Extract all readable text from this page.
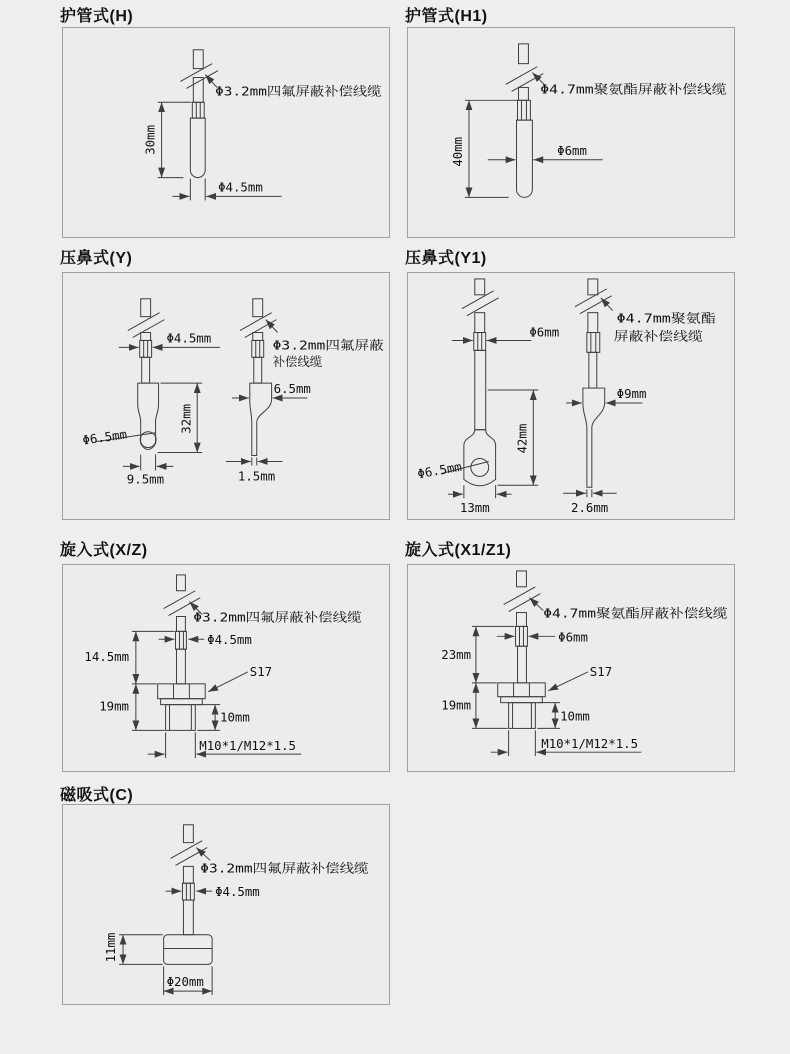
护管式(H)
Φ3.2mm四氟屏蔽补偿线缆
30mm
Φ4.5mm
护管式(H1)
Φ4.7mm聚氨酯屏蔽补偿线缆
40mm	Φ6mm
压鼻式(Y)
Φ4.5mm
32mm
Φ6.5mm
9.5mm
Φ3.2mm四氟屏蔽
补偿线缆
6.5mm
1.5mm
压鼻式(Y1)
Φ6mm
42mm
Φ6.5mm
13mm
Φ4.7mm聚氨酯
屏蔽补偿线缆
Φ9mm
2.6mm
旋入式(X/Z)
Φ3.2mm四氟屏蔽补偿线缆
Φ4.5mm
S17
14.5mm
19mm
10mm
M10*1/M12*1.5
旋入式(X1/Z1)
Φ4.7mm聚氨酯屏蔽补偿线缆
Φ6mm
S17
23mm
19mm
10mm
M10*1/M12*1.5
磁吸式(C)
Φ3.2mm四氟屏蔽补偿线缆
Φ4.5mm
11mm
Φ20mm
